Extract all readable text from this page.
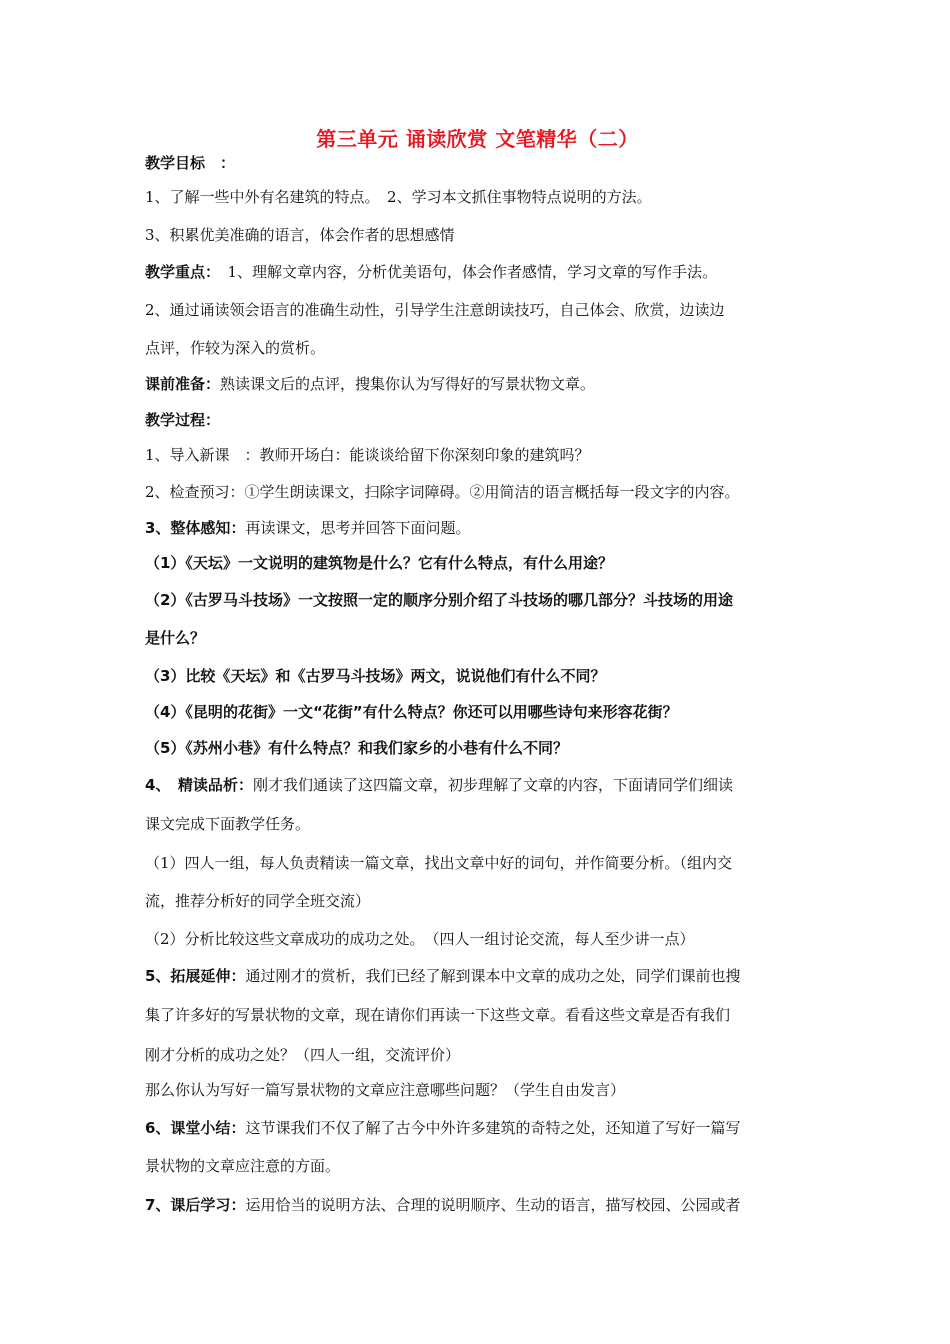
第三单元 诵读欣赏 文笔精华（二）
教学目标　：
1、了解一些中外有名建筑的特点。　2、学习本文抓住事物特点说明的方法。
3、积累优美准确的语言，体会作者的思想感情
教学重点：　1、理解文章内容，分析优美语句，体会作者感情，学习文章的写作手法。
2、通过诵读领会语言的准确生动性，引导学生注意朗读技巧，自己体会、欣赏，边读边
点评，作较为深入的赏析。
课前准备：熟读课文后的点评，搜集你认为写得好的写景状物文章。
教学过程：
1、导入新课　：教师开场白：能谈谈给留下你深刻印象的建筑吗？
2、检查预习：①学生朗读课文，扫除字词障碍。②用简洁的语言概括每一段文字的内容。
3、整体感知：再读课文，思考并回答下面问题。
（1）《天坛》一文说明的建筑物是什么？它有什么特点，有什么用途？
（2）《古罗马斗技场》一文按照一定的顺序分别介绍了斗技场的哪几部分？斗技场的用途
是什么？
（3）比较《天坛》和《古罗马斗技场》两文，说说他们有什么不同？
（4）《昆明的花街》一文“花街”有什么特点？你还可以用哪些诗句来形容花街？
（5）《苏州小巷》有什么特点？和我们家乡的小巷有什么不同？
4、　精读品析：刚才我们通读了这四篇文章，初步理解了文章的内容，下面请同学们细读
课文完成下面教学任务。
（1）四人一组，每人负责精读一篇文章，找出文章中好的词句，并作简要分析。（组内交
流，推荐分析好的同学全班交流）
（2）分析比较这些文章成功的成功之处。　（四人一组讨论交流，每人至少讲一点）
5、拓展延伸：通过刚才的赏析，我们已经了解到课本中文章的成功之处，同学们课前也搜
集了许多好的写景状物的文章，现在请你们再读一下这些文章。看看这些文章是否有我们
刚才分析的成功之处？（四人一组，交流评价）
那么你认为写好一篇写景状物的文章应注意哪些问题？（学生自由发言）
6、课堂小结：这节课我们不仅了解了古今中外许多建筑的奇特之处，还知道了写好一篇写
景状物的文章应注意的方面。
7、课后学习：运用恰当的说明方法、合理的说明顺序、生动的语言，描写校园、公园或者
